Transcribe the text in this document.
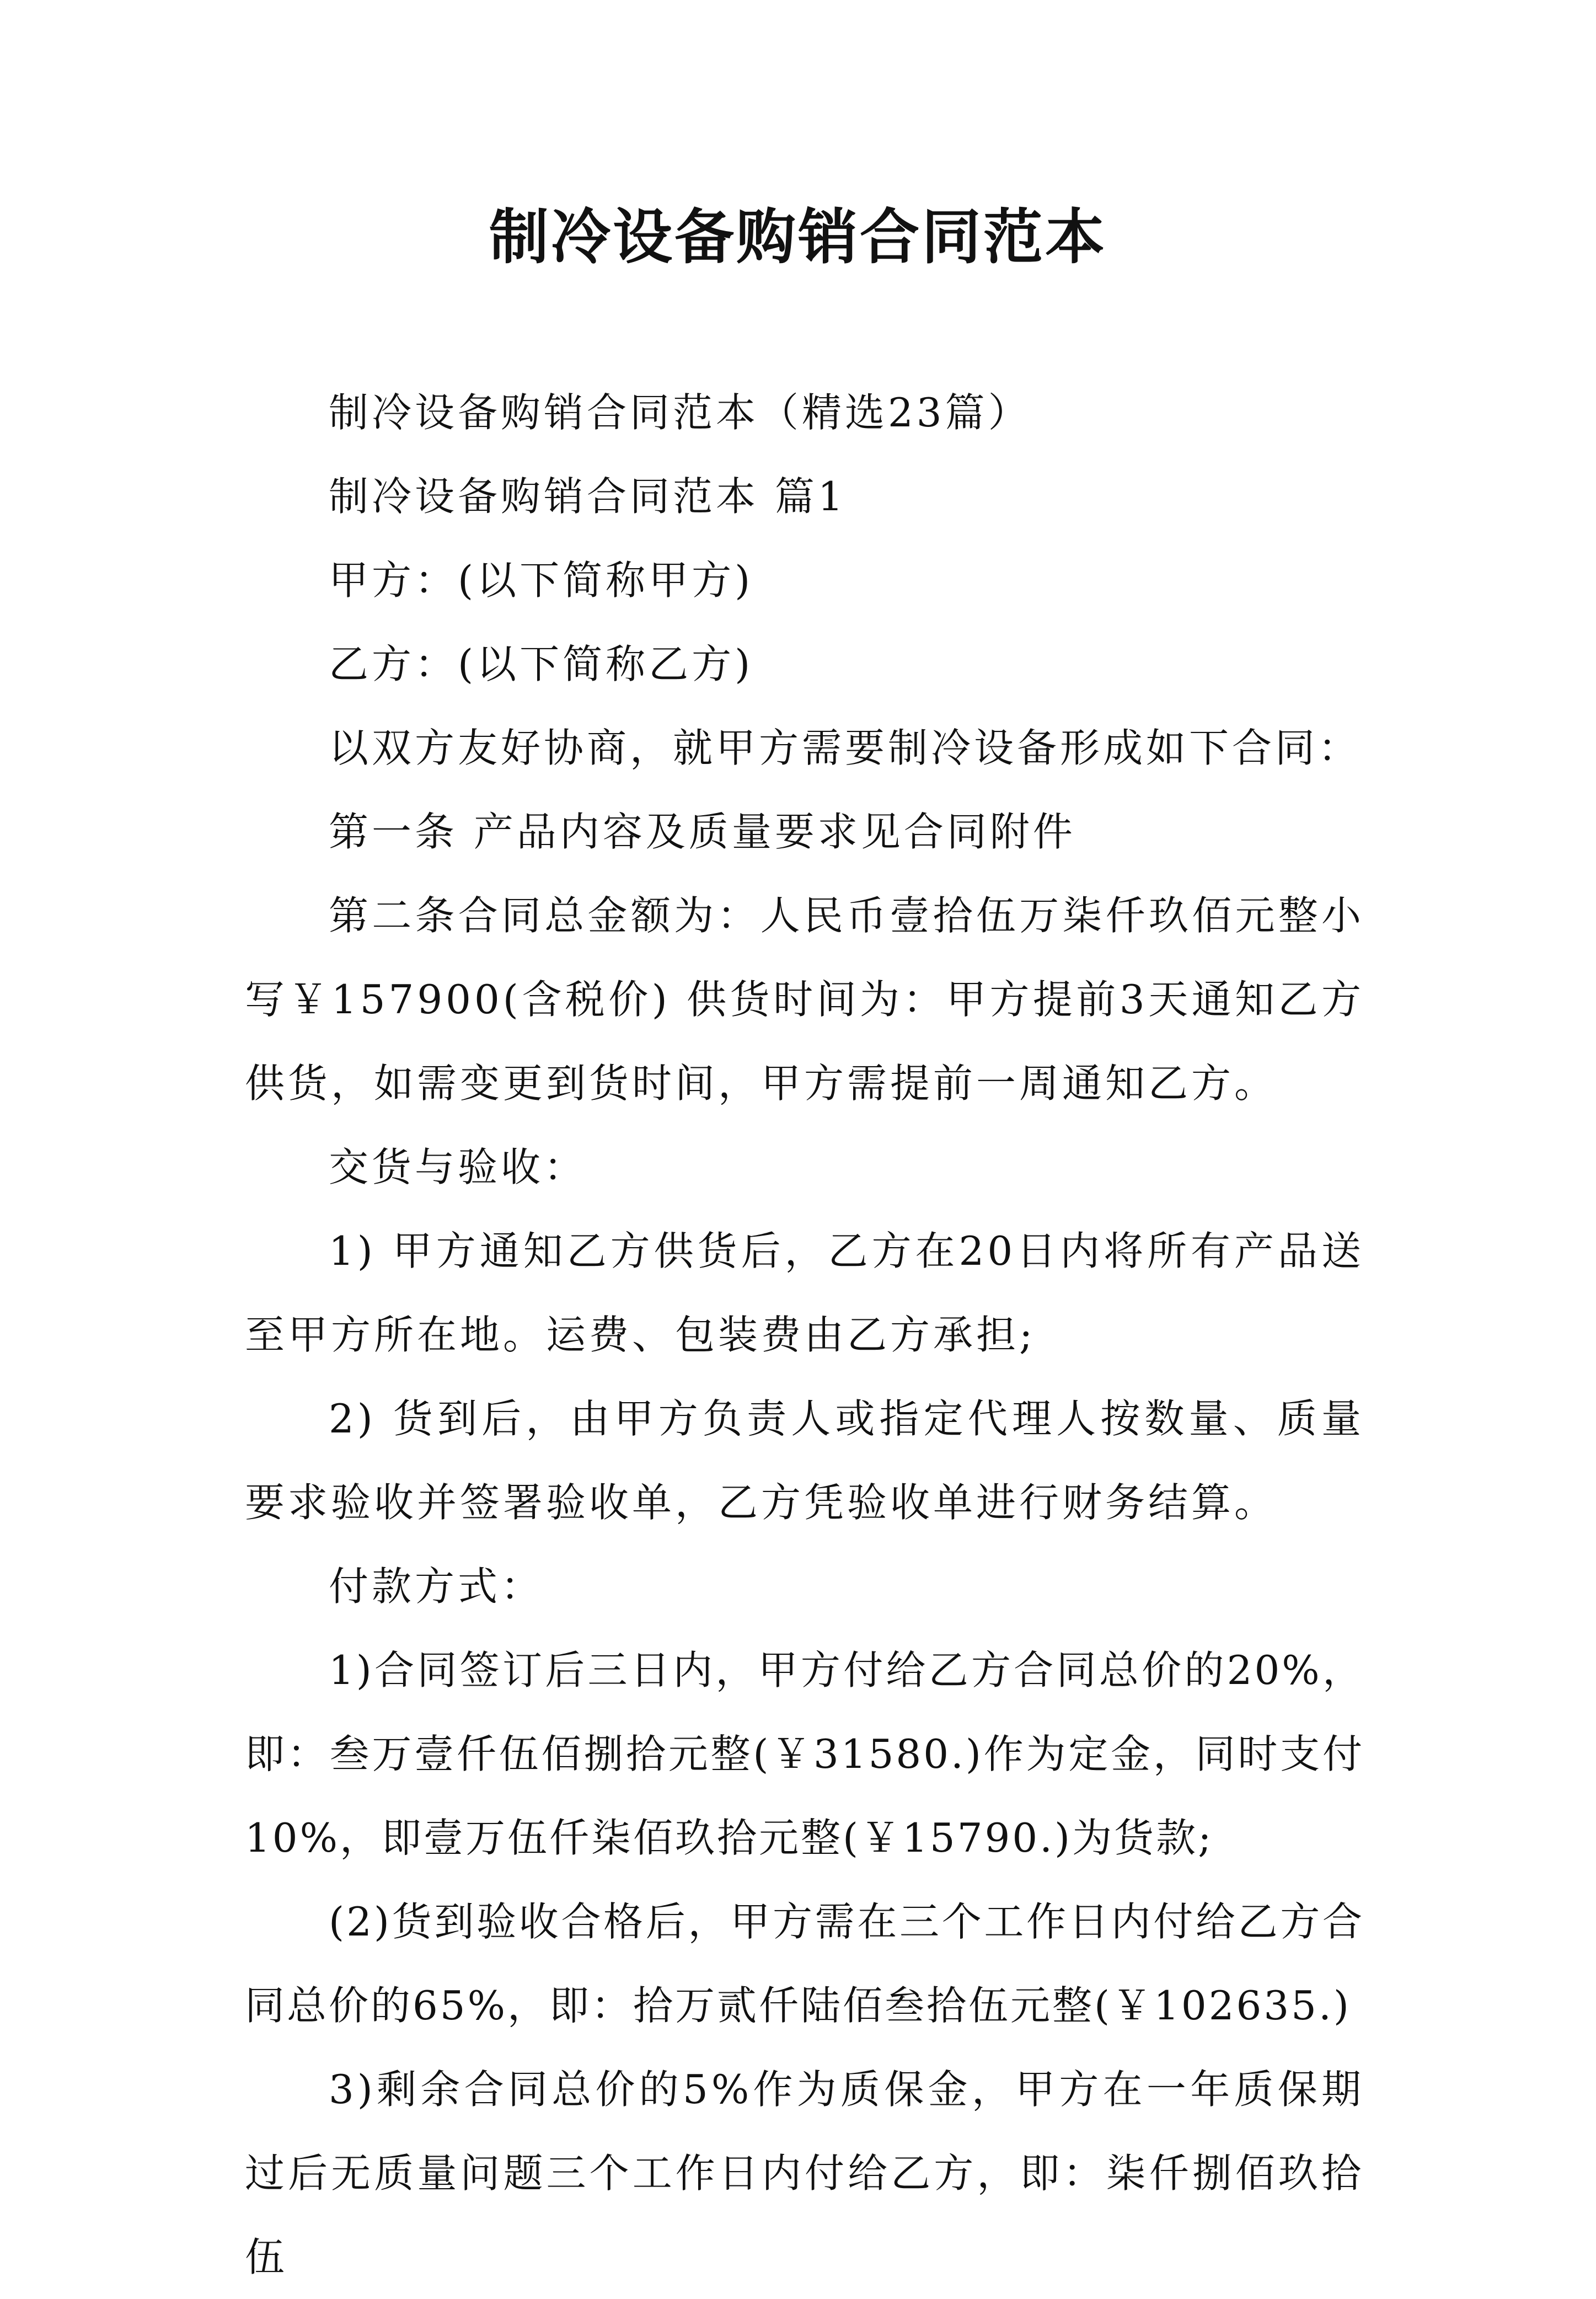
制冷设备购销合同范本

制冷设备购销合同范本（精选23篇）

制冷设备购销合同范本 篇1

甲方：(以下简称甲方)

乙方：(以下简称乙方)

以双方友好协商，就甲方需要制冷设备形成如下合同：

第一条 产品内容及质量要求见合同附件

第二条合同总金额为：人民币壹拾伍万柒仟玖佰元整小写￥157900(含税价) 供货时间为：甲方提前3天通知乙方供货，如需变更到货时间，甲方需提前一周通知乙方。

交货与验收：

1) 甲方通知乙方供货后，乙方在20日内将所有产品送至甲方所在地。运费、包装费由乙方承担;

2) 货到后，由甲方负责人或指定代理人按数量、质量要求验收并签署验收单，乙方凭验收单进行财务结算。

付款方式：

1)合同签订后三日内，甲方付给乙方合同总价的20%，即：叁万壹仟伍佰捌拾元整(￥31580.)作为定金，同时支付10%，即壹万伍仟柒佰玖拾元整(￥15790.)为货款;

(2)货到验收合格后，甲方需在三个工作日内付给乙方合同总价的65%，即：拾万贰仟陆佰叁拾伍元整(￥102635.)

3)剩余合同总价的5%作为质保金，甲方在一年质保期过后无质量问题三个工作日内付给乙方，即：柒仟捌佰玖拾伍
